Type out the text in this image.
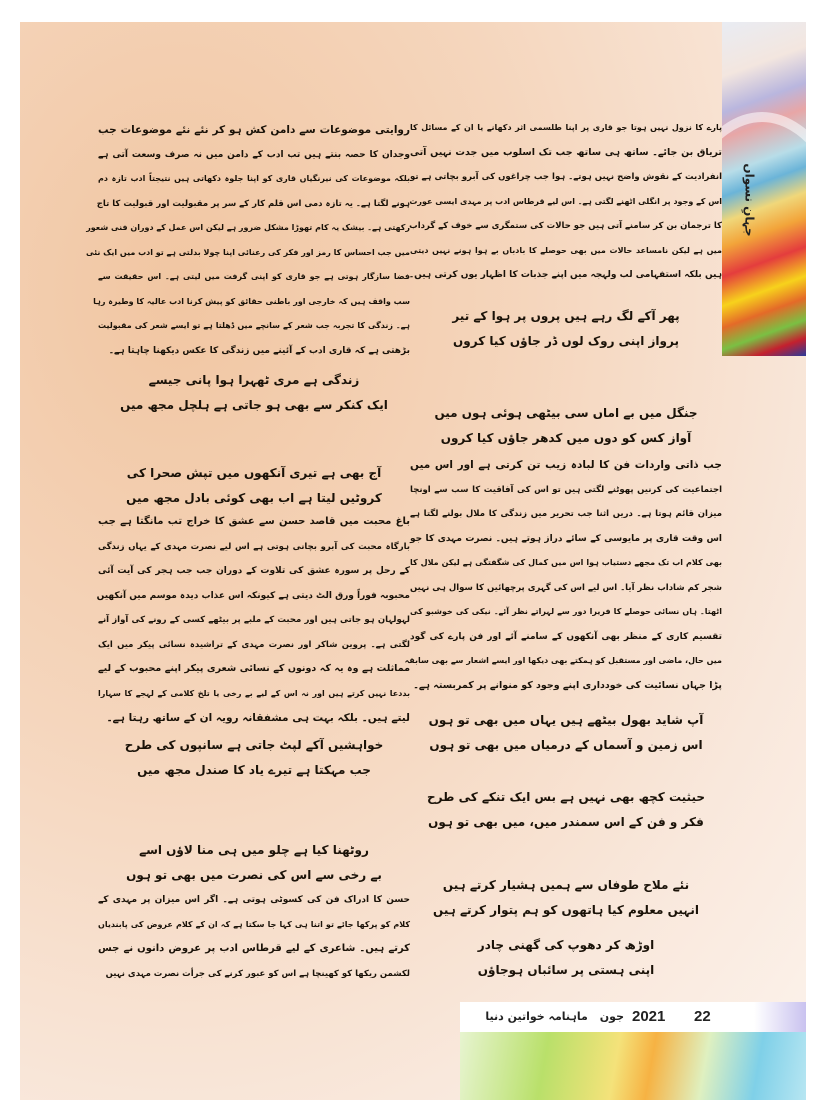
جہانِ نسواں
پارے کا نزول نہیں ہوتا جو قاری پر اپنا طلسمی اثر دکھانے یا ان کے مسائل کا
تریاق بن جائے۔ ساتھ ہی ساتھ جب تک اسلوب میں جدت نہیں آتی
انفرادیت کے نقوش واضح نہیں ہوتے۔ ہوا جب چراغوں کی آبرو بچاتی ہے تو
اس کے وجود پر انگلی اٹھنے لگتی ہے۔ اس لیے قرطاس ادب پر مہدی ایسی عورت
کا ترجمان بن کر سامنے آتی ہیں جو حالات کی ستمگری سے خوف کے گرداب
میں ہے لیکن نامساعد حالات میں بھی حوصلے کا بادباں بے ہوا ہونے نہیں دیتی
ہیں بلکہ استفہامی لب ولہجہ میں اپنے جذبات کا اظہار یوں کرتی ہیں۔
پھر آکے لگ رہے ہیں پروں پر ہوا کے تیر
پرواز اپنی روک لوں ڈر جاؤں کیا کروں
جنگل میں بے اماں سی بیٹھی ہوئی ہوں میں
آواز کس کو دوں میں کدھر جاؤں کیا کروں
جب ذاتی واردات فن کا لبادہ زیب تن کرتی ہے اور اس میں
اجتماعیت کی کرنیں پھوٹنے لگتی ہیں تو اس کی آفاقیت کا سب سے اونچا
میزان قائم ہوتا ہے۔ دریں اثنا جب تحریر میں زندگی کا ملال بولنے لگتا ہے
اس وقت قاری پر مایوسی کے سائے دراز ہوتے ہیں۔ نصرت مہدی کا جو
بھی کلام اب تک مجھے دستیاب ہوا اس میں کمال کی شگفتگی ہے لیکن ملال کا
شجر کم شاداب نظر آیا۔ اس لیے اس کی گہری پرچھائیں کا سوال ہی نہیں
اٹھتا۔ ہاں نسائی حوصلے کا فریرا دور سے لہراتے نظر آئے۔ نیکی کی خوشبو کی
تقسیم کاری کے منظر بھی آنکھوں کے سامنے آئے اور فن پارے کی گود
میں حال، ماضی اور مستقبل کو ہمکتے بھی دیکھا اور ایسے اشعار سے بھی سابقہ
پڑا جہاں نسائیت کی خودداری اپنے وجود کو منوانے پر کمربستہ ہے۔
آپ شاید بھول بیٹھے ہیں یہاں میں بھی تو ہوں
اس زمین و آسماں کے درمیاں میں بھی تو ہوں
حیثیت کچھ بھی نہیں ہے بس ایک تنکے کی طرح
فکر و فن کے اس سمندر میں، میں بھی تو ہوں
نئے ملاح طوفاں سے ہمیں ہشیار کرتے ہیں
انہیں معلوم کیا ہاتھوں کو ہم پتوار کرتے ہیں
اوڑھ کر دھوپ کی گھنی چادر
اپنی ہستی پر سائباں ہوجاؤں
روایتی موضوعات سے دامن کش ہو کر نئے نئے موضوعات جب
وجدان کا حصہ بنتے ہیں تب ادب کے دامن میں نہ صرف وسعت آتی ہے
بلکہ موضوعات کی نیرنگیاں قاری کو اپنا جلوہ دکھاتی ہیں نتیجتاً ادب تازہ دم
ہونے لگتا ہے۔ یہ تازہ دمی اس قلم کار کے سر پر مقبولیت اور قبولیت کا تاج
رکھتی ہے۔ بیشک یہ کام تھوڑا مشکل ضرور ہے لیکن اس عمل کے دوران فنی شعور
میں جب احساس کا رمز اور فکر کی رعنائی اپنا چولا بدلتی ہے تو ادب میں ایک نئی
فضا سازگار ہوتی ہے جو قاری کو اپنی گرفت میں لیتی ہے۔ اس حقیقت سے
سب واقف ہیں کہ خارجی اور باطنی حقائق کو پیش کرنا ادب عالیہ کا وطیرہ رہا
ہے۔ زندگی کا تجربہ جب شعر کے سانچے میں ڈھلتا ہے تو ایسے شعر کی مقبولیت
بڑھتی ہے کہ قاری ادب کے آئینے میں زندگی کا عکس دیکھنا چاہتا ہے۔
زندگی ہے مری ٹھہرا ہوا پانی جیسے
ایک کنکر سے بھی ہو جاتی ہے ہلچل مجھ میں
آج بھی ہے تیری آنکھوں میں تپش صحرا کی
کروٹیں لیتا ہے اب بھی کوئی بادل مجھ میں
باغ محبت میں قاصد حسن سے عشق کا خراج تب مانگتا ہے جب
بارگاہ محبت کی آبرو بچانی ہوتی ہے اس لیے نصرت مہدی کے یہاں زندگی
کے رحل پر سورہ عشق کی تلاوت کے دوران جب جب ہجر کی آیت آئی
محبوبہ فوراً ورق الٹ دیتی ہے کیونکہ اس عذاب دیدہ موسم میں آنکھیں
لہولہان ہو جاتی ہیں اور محبت کے ملبے پر بیٹھے کسی کے رونے کی آواز آنے
لگتی ہے۔ پروین شاکر اور نصرت مہدی کے تراشیدہ نسائی پیکر میں ایک
مماثلت ہے وہ یہ کہ دونوں کے نسائی شعری پیکر اپنے محبوب کے لیے
بددعا نہیں کرتے ہیں اور نہ اس کے لیے بے رخی یا تلخ کلامی کے لہجے کا سہارا
لیتے ہیں۔ بلکہ بہت ہی مشفقانہ رویہ ان کے ساتھ رہتا ہے۔
خواہشیں آکے لپٹ جاتی ہے سانپوں کی طرح
جب مہکتا ہے تیرے یاد کا صندل مجھ میں
روٹھنا کیا ہے چلو میں ہی منا لاؤں اسے
بے رخی سے اس کی نصرت میں بھی تو ہوں
حسن کا ادراک فن کی کسوٹی ہوتی ہے۔ اگر اس میزان پر مہدی کے
کلام کو پرکھا جائے تو اتنا ہی کہا جا سکتا ہے کہ ان کے کلام عروض کی پابندیاں
کرتے ہیں۔ شاعری کے لیے قرطاس ادب پر عروض دانوں نے جس
لکشمن ریکھا کو کھینچا ہے اس کو عبور کرنے کی جرأت نصرت مہدی نہیں
22
2021
جون
ماہنامہ خواتین دنیا
